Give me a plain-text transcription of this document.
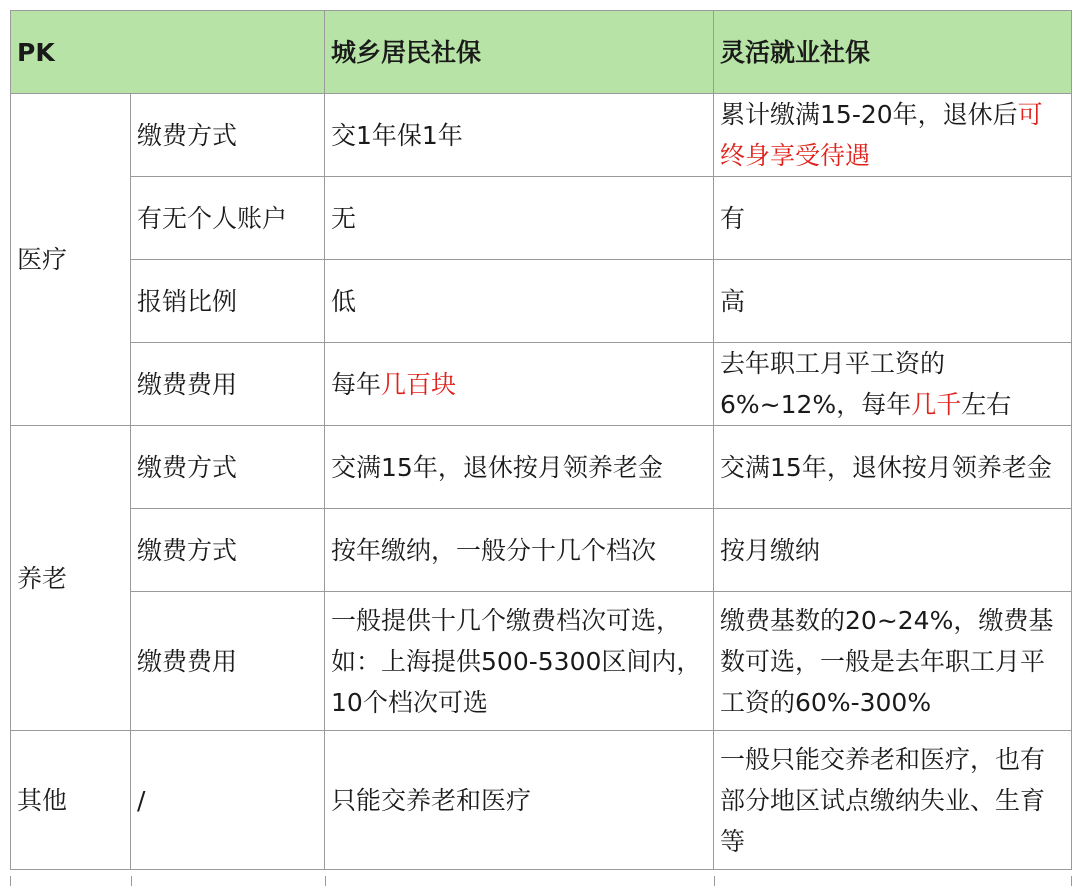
PK		城乡居民社保	灵活就业社保
医疗	缴费方式	交1年保1年	累计缴满15-20年，退休后可终身享受待遇
	有无个人账户	无	有
	报销比例	低	高
	缴费费用	每年几百块	去年职工月平工资的6%~12%，每年几千左右
养老	缴费方式	交满15年，退休按月领养老金	交满15年，退休按月领养老金
	缴费方式	按年缴纳，一般分十几个档次	按月缴纳
	缴费费用	一般提供十几个缴费档次可选，如：上海提供500-5300区间内，10个档次可选	缴费基数的20~24%，缴费基数可选，一般是去年职工月平工资的60%-300%
其他	/	只能交养老和医疗	一般只能交养老和医疗，也有部分地区试点缴纳失业、生育等
